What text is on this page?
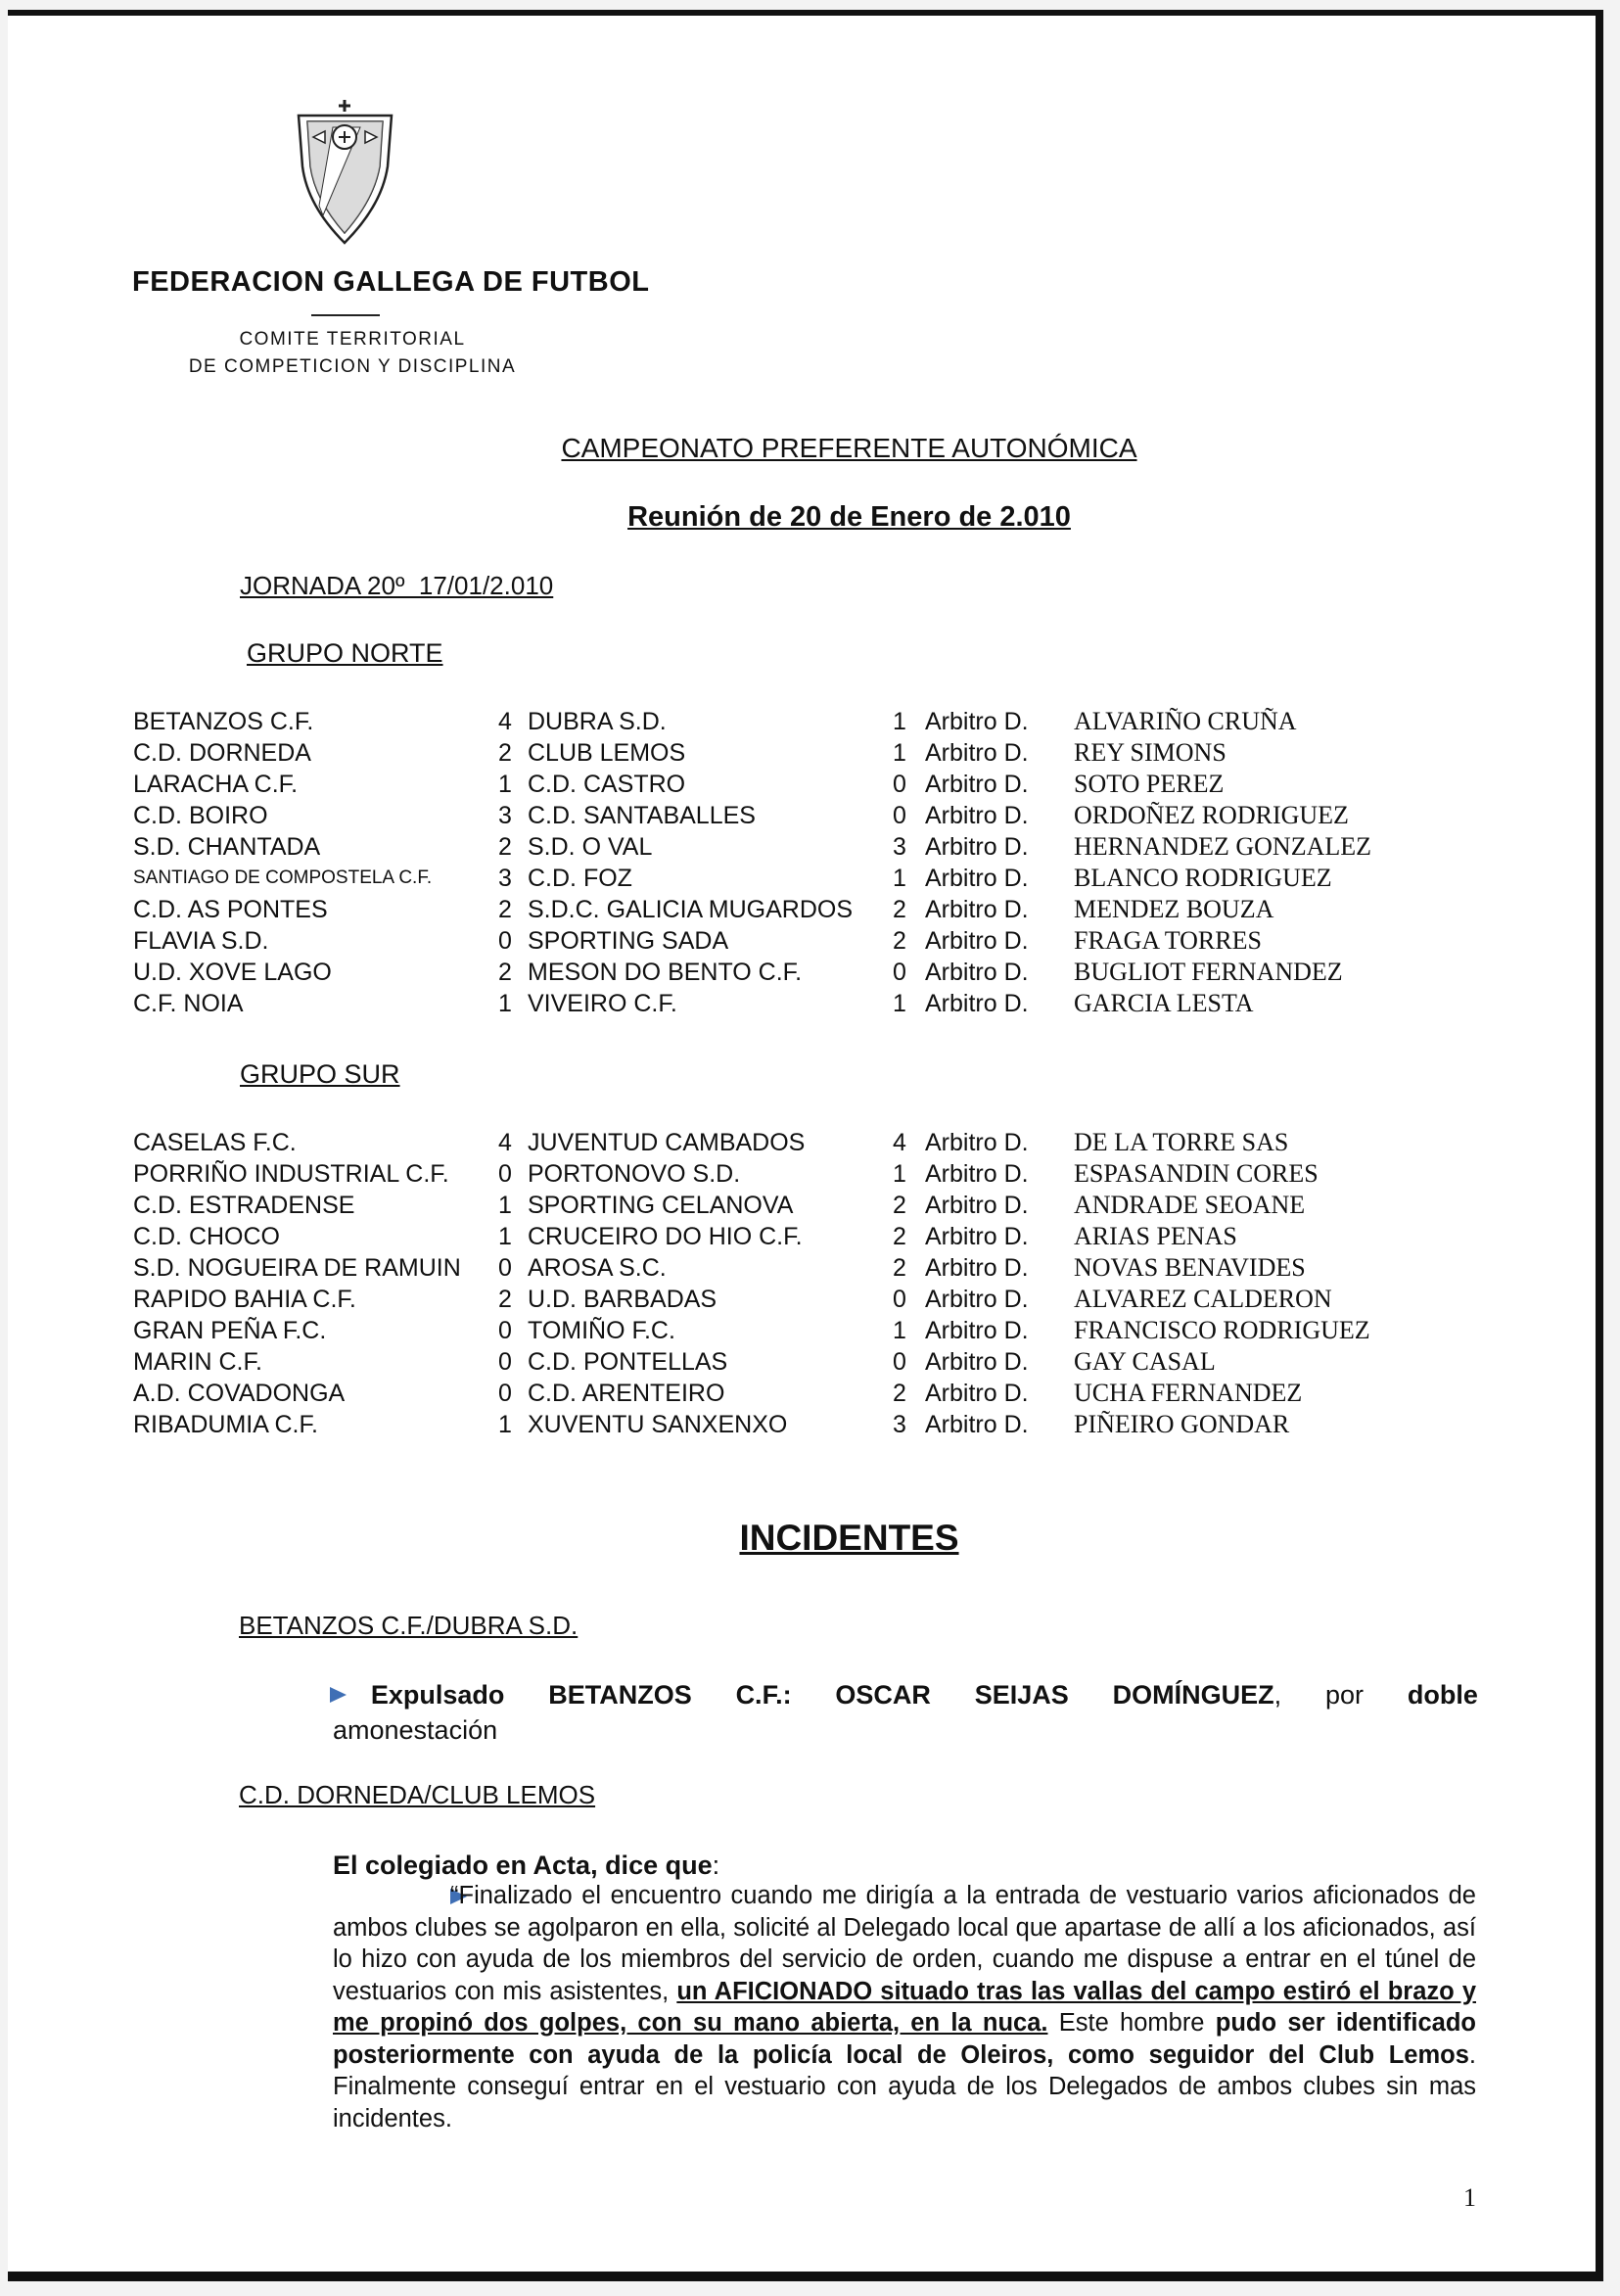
FEDERACION GALLEGA DE FUTBOL
COMITE TERRITORIAL
DE COMPETICION Y DISCIPLINA
CAMPEONATO PREFERENTE AUTONÓMICA
Reunión de 20 de Enero de 2.010
JORNADA 20º  17/01/2.010
GRUPO NORTE
BETANZOS C.F.	4	DUBRA S.D.	1	Arbitro D.	ALVARIÑO CRUÑA
C.D. DORNEDA	2	CLUB LEMOS	1	Arbitro D.	REY SIMONS
LARACHA C.F.	1	C.D. CASTRO	0	Arbitro D.	SOTO PEREZ
C.D. BOIRO	3	C.D. SANTABALLES	0	Arbitro D.	ORDOÑEZ RODRIGUEZ
S.D. CHANTADA	2	S.D. O VAL	3	Arbitro D.	HERNANDEZ GONZALEZ
SANTIAGO DE COMPOSTELA C.F.	3	C.D. FOZ	1	Arbitro D.	BLANCO RODRIGUEZ
C.D. AS PONTES	2	S.D.C. GALICIA MUGARDOS	2	Arbitro D.	MENDEZ BOUZA
FLAVIA S.D.	0	SPORTING SADA	2	Arbitro D.	FRAGA TORRES
U.D. XOVE LAGO	2	MESON DO BENTO C.F.	0	Arbitro D.	BUGLIOT FERNANDEZ
C.F. NOIA	1	VIVEIRO C.F.	1	Arbitro D.	GARCIA LESTA
GRUPO SUR
CASELAS F.C.	4	JUVENTUD CAMBADOS	4	Arbitro D.	DE LA TORRE SAS
PORRIÑO INDUSTRIAL C.F.	0	PORTONOVO S.D.	1	Arbitro D.	ESPASANDIN CORES
C.D. ESTRADENSE	1	SPORTING CELANOVA	2	Arbitro D.	ANDRADE SEOANE
C.D. CHOCO	1	CRUCEIRO DO HIO C.F.	2	Arbitro D.	ARIAS PENAS
S.D. NOGUEIRA DE RAMUIN	0	AROSA S.C.	2	Arbitro D.	NOVAS BENAVIDES
RAPIDO BAHIA C.F.	2	U.D. BARBADAS	0	Arbitro D.	ALVAREZ CALDERON
GRAN PEÑA F.C.	0	TOMIÑO F.C.	1	Arbitro D.	FRANCISCO RODRIGUEZ
MARIN C.F.	0	C.D. PONTELLAS	0	Arbitro D.	GAY CASAL
A.D. COVADONGA	0	C.D. ARENTEIRO	2	Arbitro D.	UCHA FERNANDEZ
RIBADUMIA C.F.	1	XUVENTU SANXENXO	3	Arbitro D.	PIÑEIRO GONDAR
INCIDENTES
BETANZOS C.F./DUBRA S.D.
Expulsado BETANZOS C.F.: OSCAR SEIJAS DOMÍNGUEZ, por doble
amonestación
C.D. DORNEDA/CLUB LEMOS
El colegiado en Acta, dice que:
“Finalizado el encuentro cuando me dirigía a la entrada de vestuario varios aficionados de ambos clubes se agolparon en ella, solicité al Delegado local que apartase de allí a los aficionados, así lo hizo con ayuda de los miembros del servicio de orden, cuando me dispuse a entrar en el túnel de vestuarios con mis asistentes, un AFICIONADO situado tras las vallas del campo estiró el brazo y me propinó dos golpes, con su mano abierta, en la nuca. Este hombre pudo ser identificado posteriormente con ayuda de la policía local de Oleiros, como seguidor del Club Lemos. Finalmente conseguí entrar en el vestuario con ayuda de los Delegados de ambos clubes sin mas incidentes.
1
